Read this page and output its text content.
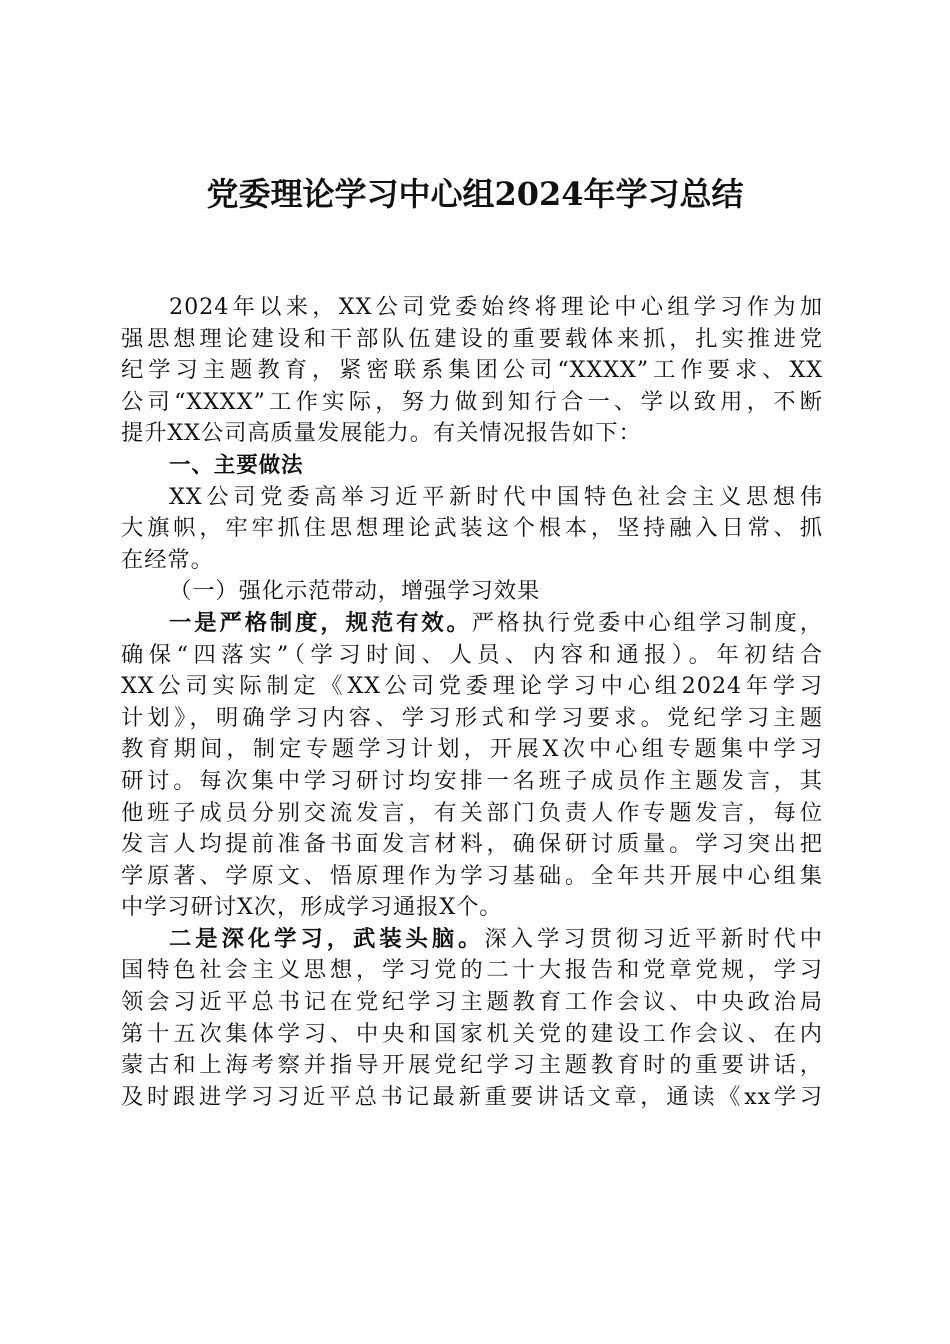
党委理论学习中心组2024年学习总结
2024年以来，XX公司党委始终将理论中心组学习作为加
强思想理论建设和干部队伍建设的重要载体来抓，扎实推进党
纪学习主题教育，紧密联系集团公司“XXXX”工作要求、XX
公司“XXXX”工作实际，努力做到知行合一、学以致用，不断
提升XX公司高质量发展能力。有关情况报告如下：
一、主要做法
XX公司党委高举习近平新时代中国特色社会主义思想伟
大旗帜，牢牢抓住思想理论武装这个根本，坚持融入日常、抓
在经常。
（一）强化示范带动，增强学习效果
一是严格制度，规范有效。严格执行党委中心组学习制度，
确保“四落实”（学习时间、人员、内容和通报）。年初结合
XX公司实际制定《XX公司党委理论学习中心组2024年学习
计划》，明确学习内容、学习形式和学习要求。党纪学习主题
教育期间，制定专题学习计划，开展X次中心组专题集中学习
研讨。每次集中学习研讨均安排一名班子成员作主题发言，其
他班子成员分别交流发言，有关部门负责人作专题发言，每位
发言人均提前准备书面发言材料，确保研讨质量。学习突出把
学原著、学原文、悟原理作为学习基础。全年共开展中心组集
中学习研讨X次，形成学习通报X个。
二是深化学习，武装头脑。深入学习贯彻习近平新时代中
国特色社会主义思想，学习党的二十大报告和党章党规，学习
领会习近平总书记在党纪学习主题教育工作会议、中央政治局
第十五次集体学习、中央和国家机关党的建设工作会议、在内
蒙古和上海考察并指导开展党纪学习主题教育时的重要讲话，
及时跟进学习习近平总书记最新重要讲话文章，通读《xx学习
